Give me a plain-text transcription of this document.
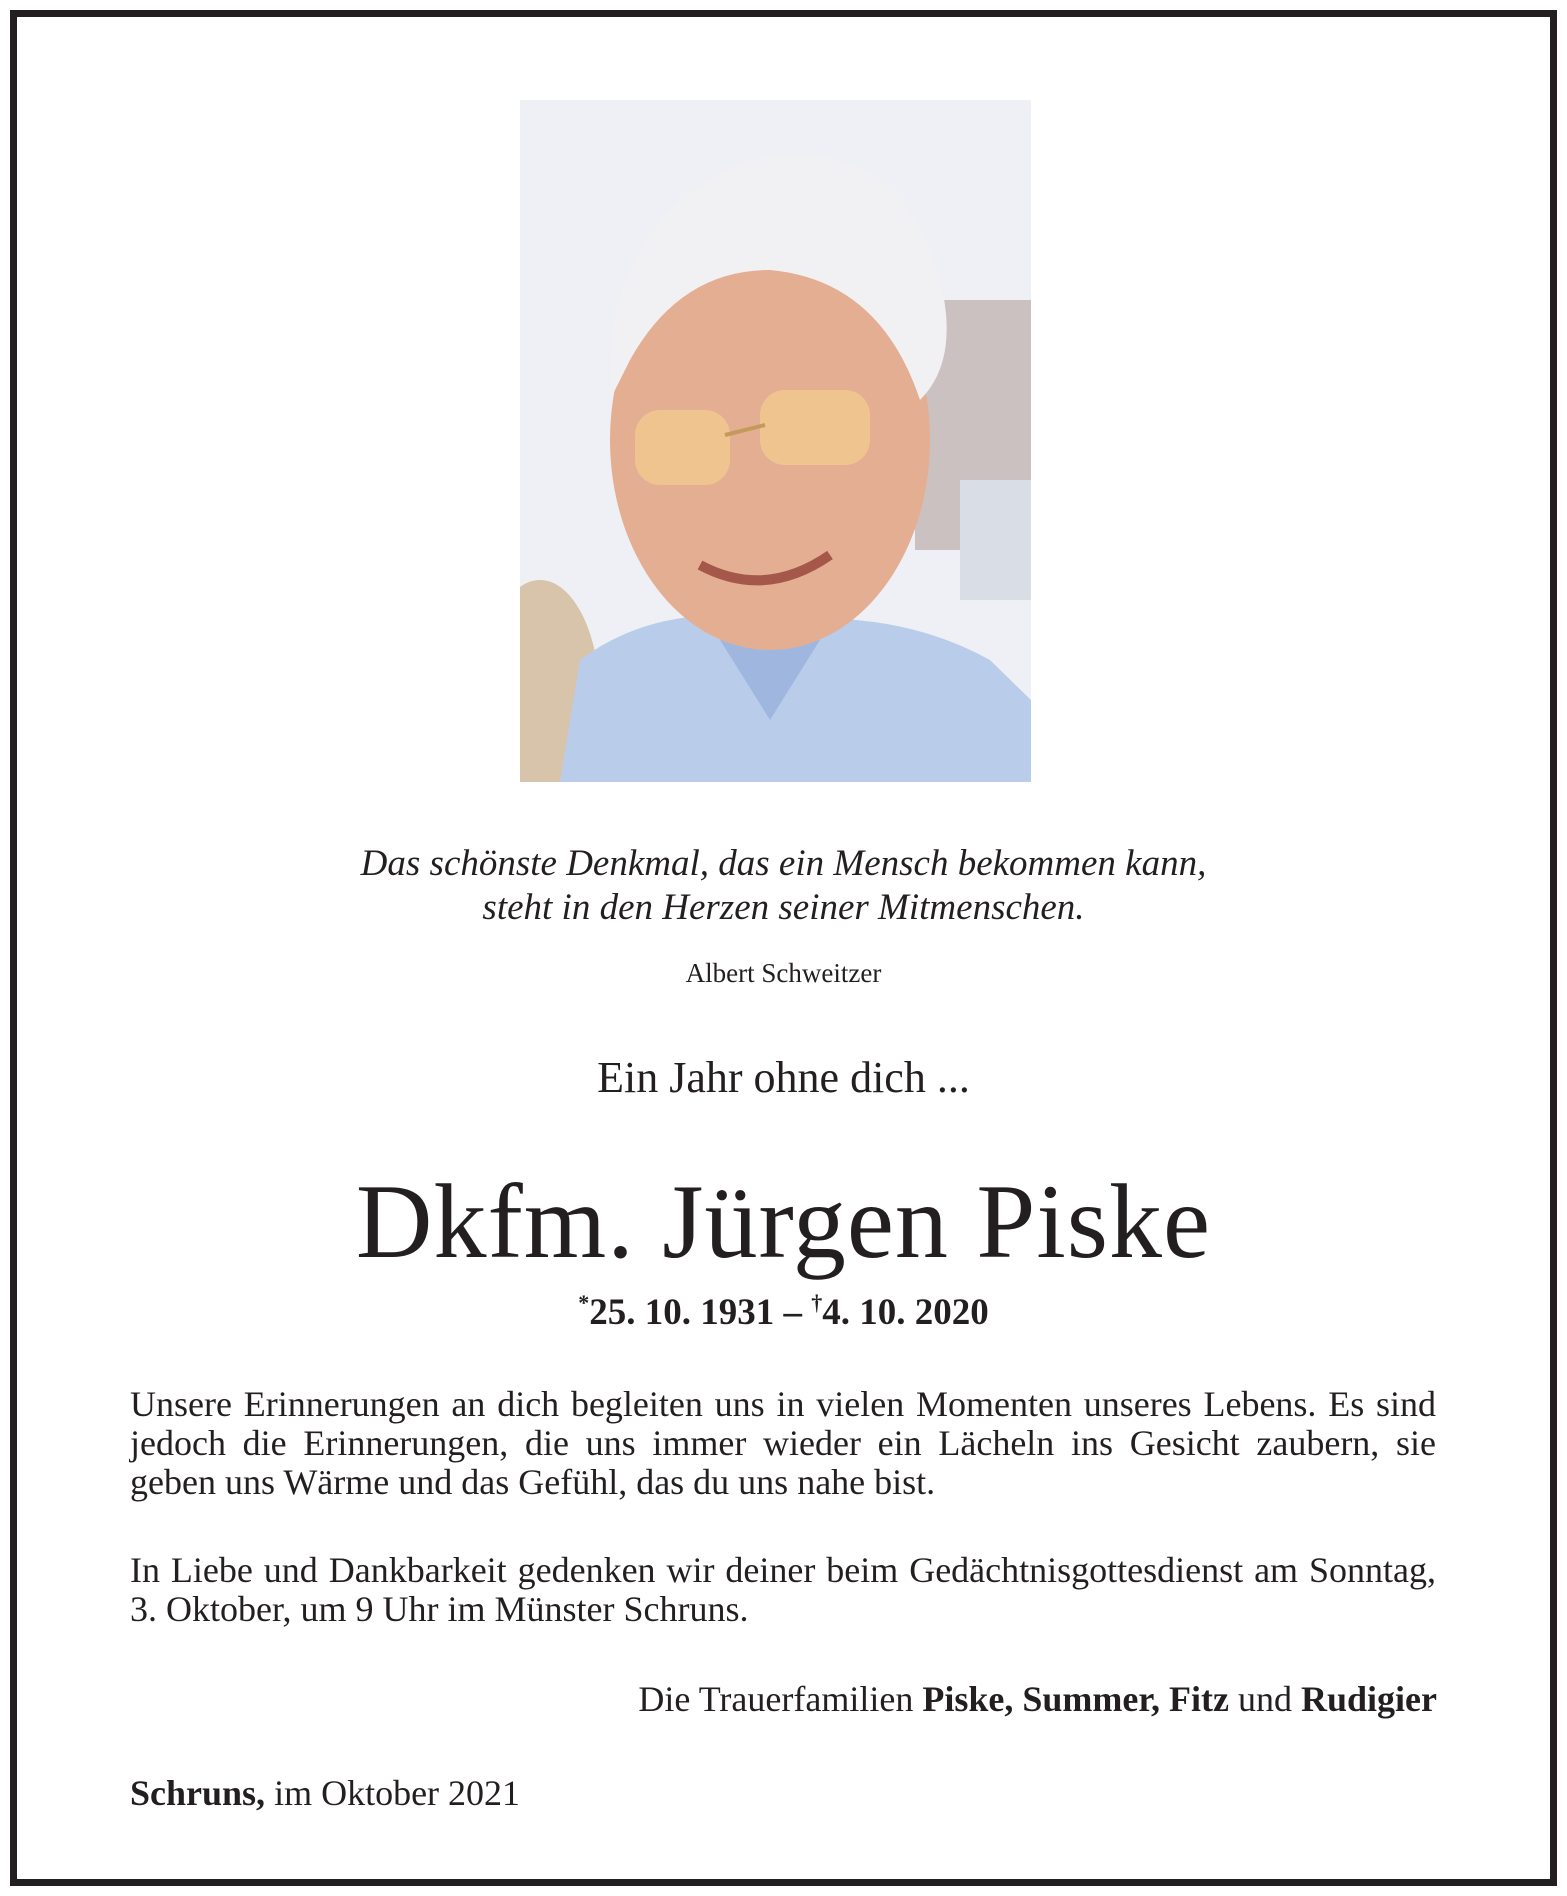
Das schönste Denkmal, das ein Mensch bekommen kann,
steht in den Herzen seiner Mitmenschen.
Albert Schweitzer
Ein Jahr ohne dich ...
Dkfm. Jürgen Piske
*25. 10. 1931 – †4. 10. 2020
Unsere Erinnerungen an dich begleiten uns in vielen Momenten unseres Lebens. Es sind jedoch die Erinnerungen, die uns immer wieder ein Lächeln ins Gesicht zaubern, sie geben uns Wärme und das Gefühl, das du uns nahe bist.
In Liebe und Dankbarkeit gedenken wir deiner beim Gedächtnisgottesdienst am Sonntag, 3. Oktober, um 9 Uhr im Münster Schruns.
Die Trauerfamilien Piske, Summer, Fitz und Rudigier
Schruns, im Oktober 2021
